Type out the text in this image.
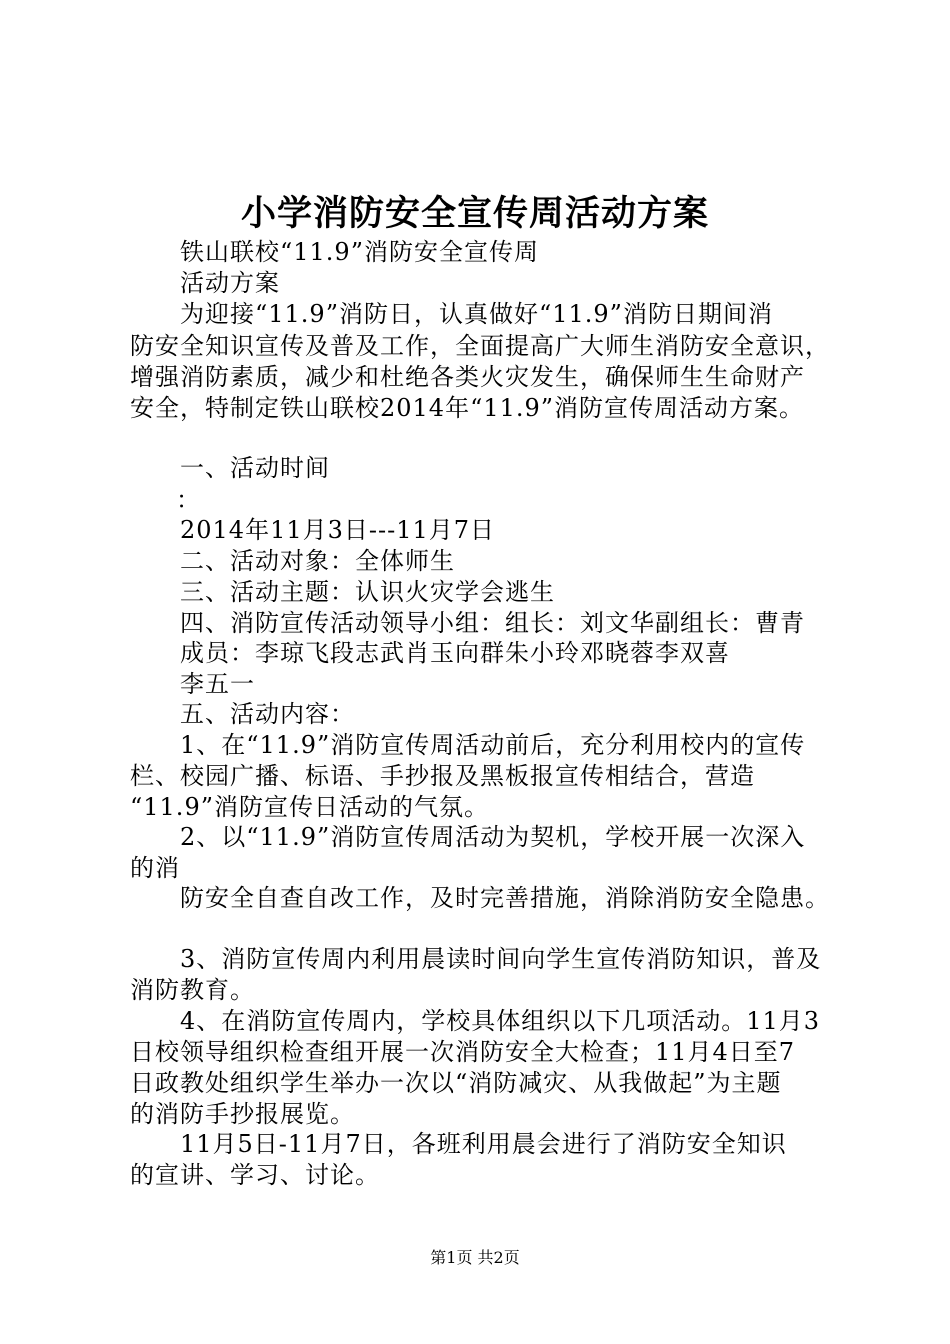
小学消防安全宣传周活动方案
铁山联校“11.9”消防安全宣传周
活动方案
为迎接“11.9”消防日，认真做好“11.9”消防日期间消
防安全知识宣传及普及工作，全面提高广大师生消防安全意识，
增强消防素质，减少和杜绝各类火灾发生，确保师生生命财产
安全，特制定铁山联校2014年“11.9”消防宣传周活动方案。
一、活动时间
：
2014年11月3日---11月7日
二、活动对象：全体师生
三、活动主题：认识火灾学会逃生
四、消防宣传活动领导小组：组长：刘文华副组长：曹青
成员：李琼飞段志武肖玉向群朱小玲邓晓蓉李双喜
李五一
五、活动内容：
1、在“11.9”消防宣传周活动前后，充分利用校内的宣传
栏、校园广播、标语、手抄报及黑板报宣传相结合，营造
“11.9”消防宣传日活动的气氛。
2、以“11.9”消防宣传周活动为契机，学校开展一次深入
的消
防安全自查自改工作，及时完善措施，消除消防安全隐患。
3、消防宣传周内利用晨读时间向学生宣传消防知识，普及
消防教育。
4、在消防宣传周内，学校具体组织以下几项活动。11月3
日校领导组织检查组开展一次消防安全大检查；11月4日至7
日政教处组织学生举办一次以“消防减灾、从我做起”为主题
的消防手抄报展览。
11月5日-11月7日，各班利用晨会进行了消防安全知识
的宣讲、学习、讨论。
第1页 共2页
